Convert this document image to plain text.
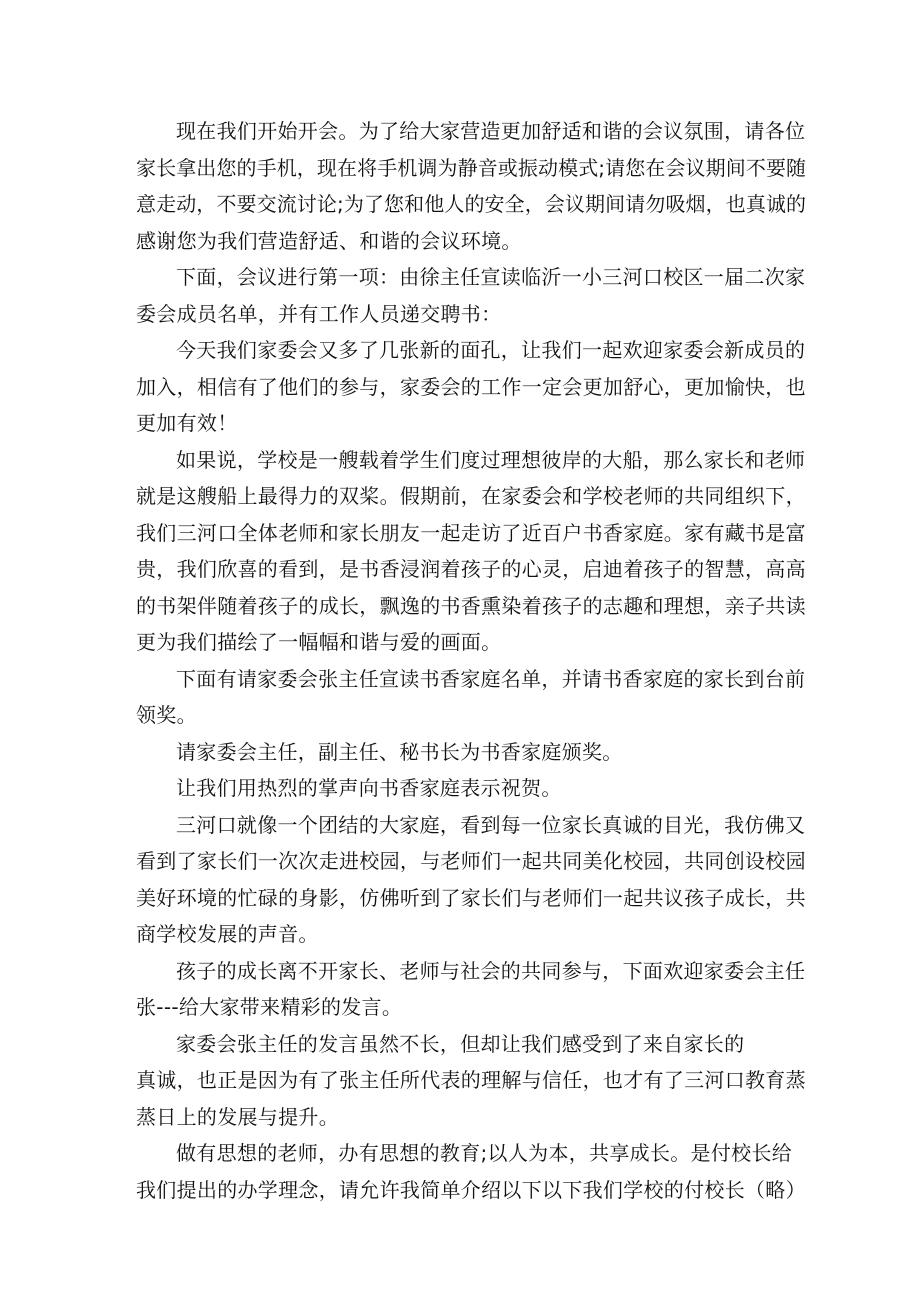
现在我们开始开会。为了给大家营造更加舒适和谐的会议氛围，请各位
家长拿出您的手机，现在将手机调为静音或振动模式;请您在会议期间不要随
意走动，不要交流讨论;为了您和他人的安全，会议期间请勿吸烟，也真诚的
感谢您为我们营造舒适、和谐的会议环境。
下面，会议进行第一项：由徐主任宣读临沂一小三河口校区一届二次家
委会成员名单，并有工作人员递交聘书：
今天我们家委会又多了几张新的面孔，让我们一起欢迎家委会新成员的
加入，相信有了他们的参与，家委会的工作一定会更加舒心，更加愉快，也
更加有效！
如果说，学校是一艘载着学生们度过理想彼岸的大船，那么家长和老师
就是这艘船上最得力的双桨。假期前，在家委会和学校老师的共同组织下，
我们三河口全体老师和家长朋友一起走访了近百户书香家庭。家有藏书是富
贵，我们欣喜的看到，是书香浸润着孩子的心灵，启迪着孩子的智慧，高高
的书架伴随着孩子的成长，飘逸的书香熏染着孩子的志趣和理想，亲子共读
更为我们描绘了一幅幅和谐与爱的画面。
下面有请家委会张主任宣读书香家庭名单，并请书香家庭的家长到台前
领奖。
请家委会主任，副主任、秘书长为书香家庭颁奖。
让我们用热烈的掌声向书香家庭表示祝贺。
三河口就像一个团结的大家庭，看到每一位家长真诚的目光，我仿佛又
看到了家长们一次次走进校园，与老师们一起共同美化校园，共同创设校园
美好环境的忙碌的身影，仿佛听到了家长们与老师们一起共议孩子成长，共
商学校发展的声音。
孩子的成长离不开家长、老师与社会的共同参与，下面欢迎家委会主任
张---给大家带来精彩的发言。
家委会张主任的发言虽然不长，但却让我们感受到了来自家长的
真诚，也正是因为有了张主任所代表的理解与信任，也才有了三河口教育蒸
蒸日上的发展与提升。
做有思想的老师，办有思想的教育;以人为本，共享成长。是付校长给
我们提出的办学理念，请允许我简单介绍以下以下我们学校的付校长（略）
